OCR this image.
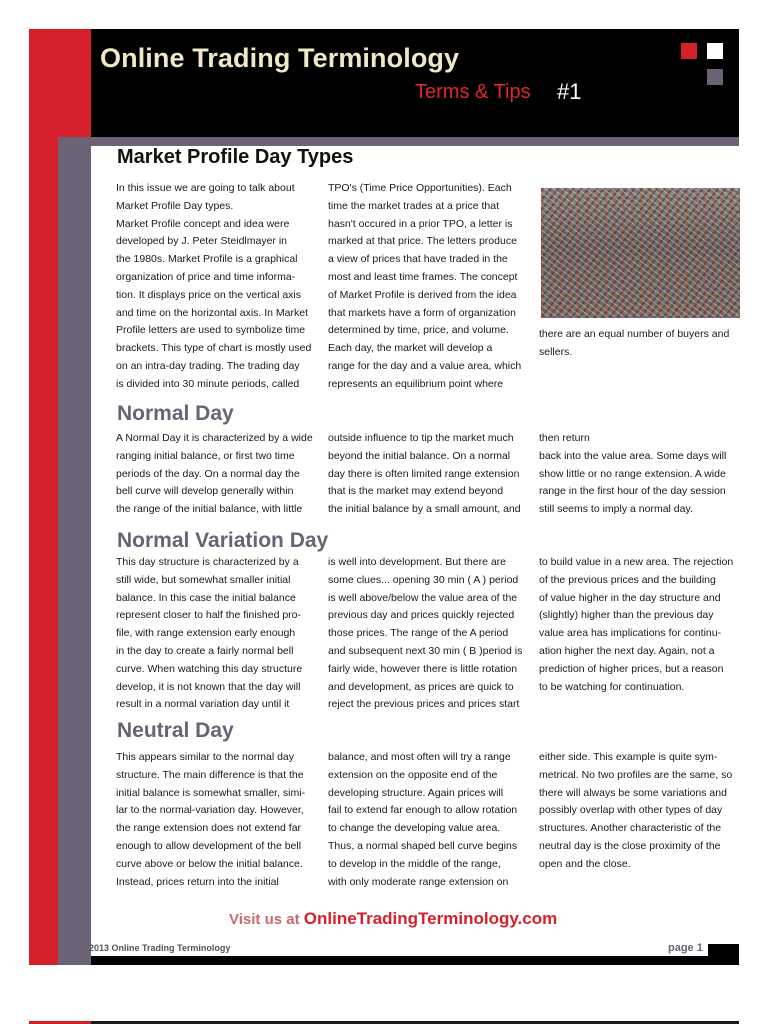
Online Trading Terminology
Terms & Tips #1
Market Profile Day Types
In this issue we are going to talk about
Market Profile Day types.
Market Profile concept and idea were
developed by J. Peter Steidlmayer in
the 1980s. Market Profile is a graphical
organization of price and time informa-
tion. It displays price on the vertical axis
and time on the horizontal axis. In Market
Profile letters are used to symbolize time
brackets. This type of chart is mostly used
on an intra-day trading. The trading day
is divided into 30 minute periods, called
TPO's (Time Price Opportunities). Each
time the market trades at a price that
hasn't occured in a prior TPO, a letter is
marked at that price. The letters produce
a view of prices that have traded in the
most and least time frames. The concept
of Market Profile is derived from the idea
that markets have a form of organization
determined by time, price, and volume.
Each day, the market will develop a
range for the day and a value area, which
represents an equilibrium point where
there are an equal number of buyers and
sellers.
Normal Day
A Normal Day it is characterized by a wide
ranging initial balance, or first two time
periods of the day. On a normal day the
bell curve will develop generally within
the range of the initial balance, with little
outside influence to tip the market much
beyond the initial balance. On a normal
day there is often limited range extension
that is the market may extend beyond
the initial balance by a small amount, and
then return
back into the value area. Some days will
show little or no range extension. A wide
range in the first hour of the day session
still seems to imply a normal day.
Normal Variation Day
This day structure is characterized by a
still wide, but somewhat smaller initial
balance. In this case the initial balance
represent closer to half the finished pro-
file, with range extension early enough
in the day to create a fairly normal bell
curve. When watching this day structure
develop, it is not known that the day will
result in a normal variation day until it
is well into development. But there are
some clues... opening 30 min ( A ) period
is well above/below the value area of the
previous day and prices quickly rejected
those prices. The range of the A period
and subsequent next 30 min ( B )period is
fairly wide, however there is little rotation
and development, as prices are quick to
reject the previous prices and prices start
to build value in a new area. The rejection
of the previous prices and the building
of value higher in the day structure and
(slightly) higher than the previous day
value area has implications for continu-
ation higher the next day. Again, not a
prediction of higher prices, but a reason
to be watching for continuation.
Neutral Day
This appears similar to the normal day
structure. The main difference is that the
initial balance is somewhat smaller, simi-
lar to the normal-variation day. However,
the range extension does not extend far
enough to allow development of the bell
curve above or below the initial balance.
Instead, prices return into the initial
balance, and most often will try a range
extension on the opposite end of the
developing structure. Again prices will
fail to extend far enough to allow rotation
to change the developing value area.
Thus, a normal shaped bell curve begins
to develop in the middle of the range,
with only moderate range extension on
either side. This example is quite sym-
metrical. No two profiles are the same, so
there will always be some variations and
possibly overlap with other types of day
structures. Another characteristic of the
neutral day is the close proximity of the
open and the close.
Visit us at OnlineTradingTerminology.com
2013 Online Trading Terminology	page 1
